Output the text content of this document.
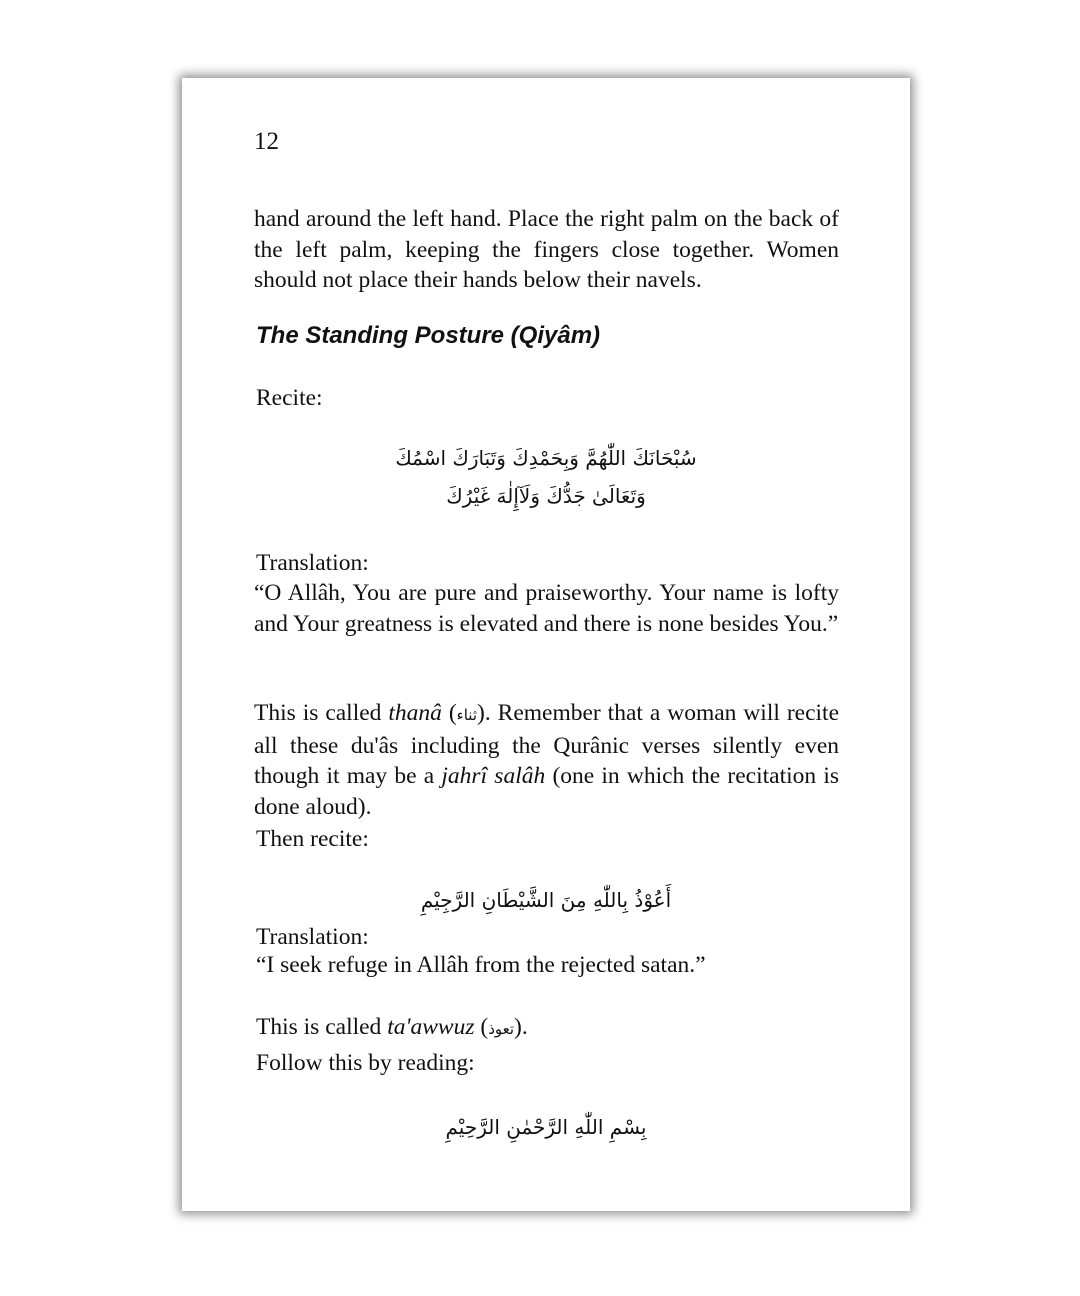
12
hand around the left hand. Place the right palm on the back of the left palm, keeping the fingers close together. Women should not place their hands below their navels.
The Standing Posture (Qiyâm)
Recite:
سُبْحَانَكَ اللّٰهُمَّ وَبِحَمْدِكَ وَتَبَارَكَ اسْمُكَ
وَتَعَالَىٰ جَدُّكَ وَلَآإِلٰهَ غَيْرُكَ
Translation:
“O Allâh, You are pure and praiseworthy. Your name is lofty and Your greatness is elevated and there is none besides You.”
This is called thanâ (ثناء). Remember that a woman will recite all these du'âs including the Qurânic verses silently even though it may be a jahrî salâh (one in which the recitation is done aloud).
Then recite:
أَعُوْذُ بِاللّٰهِ مِنَ الشَّيْطَانِ الرَّجِيْمِ
Translation:
“I seek refuge in Allâh from the rejected satan.”
This is called ta'awwuz (تعوذ).
Follow this by reading:
بِسْمِ اللّٰهِ الرَّحْمٰنِ الرَّحِيْمِ
